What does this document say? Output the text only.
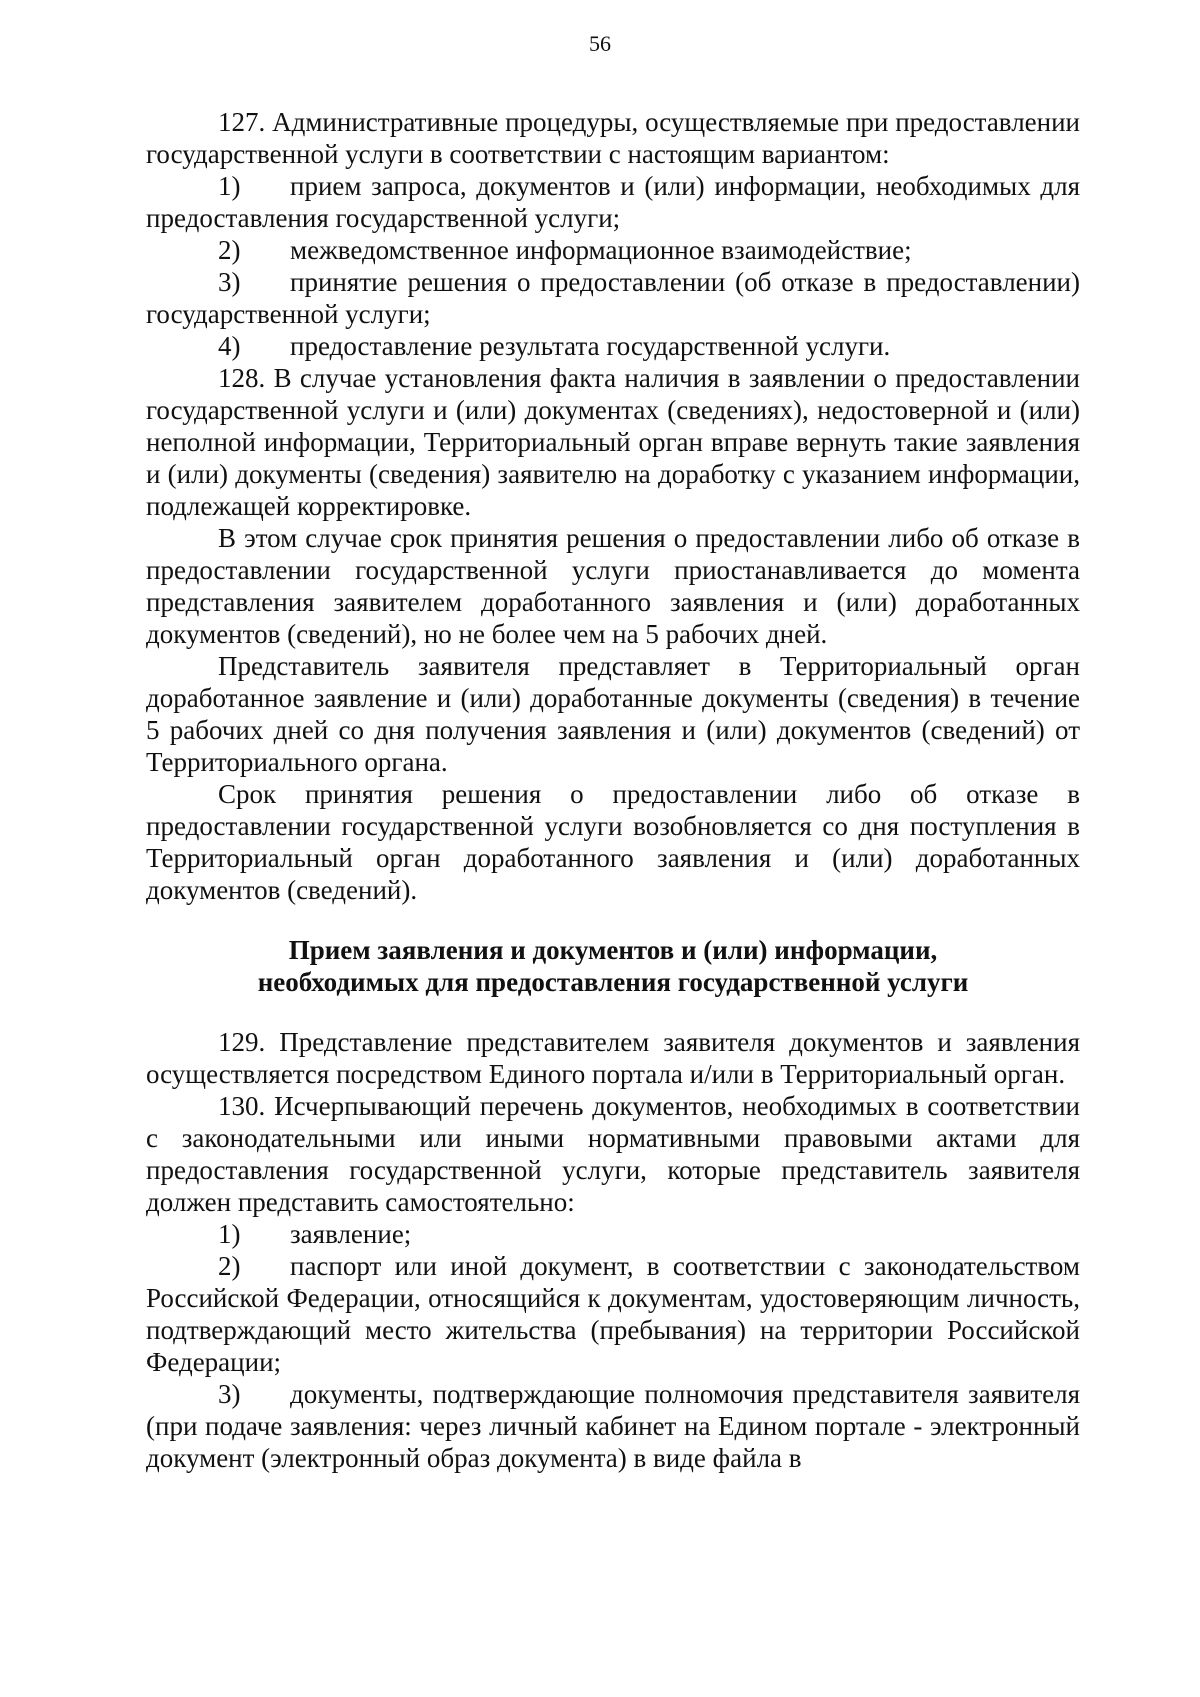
56

127. Административные процедуры, осуществляемые при предоставлении государственной услуги в соответствии с настоящим вариантом:

1) прием запроса, документов и (или) информации, необходимых для предоставления государственной услуги;

2) межведомственное информационное взаимодействие;

3) принятие решения о предоставлении (об отказе в предоставлении) государственной услуги;

4) предоставление результата государственной услуги.

128. В случае установления факта наличия в заявлении о предоставлении государственной услуги и (или) документах (сведениях), недостоверной и (или) неполной информации, Территориальный орган вправе вернуть такие заявления и (или) документы (сведения) заявителю на доработку с указанием информации, подлежащей корректировке.

В этом случае срок принятия решения о предоставлении либо об отказе в предоставлении государственной услуги приостанавливается до момента представления заявителем доработанного заявления и (или) доработанных документов (сведений), но не более чем на 5 рабочих дней.

Представитель заявителя представляет в Территориальный орган доработанное заявление и (или) доработанные документы (сведения) в течение 5 рабочих дней со дня получения заявления и (или) документов (сведений) от Территориального органа.

Срок принятия решения о предоставлении либо об отказе в предоставлении государственной услуги возобновляется со дня поступления в Территориальный орган доработанного заявления и (или) доработанных документов (сведений).

Прием заявления и документов и (или) информации,
необходимых для предоставления государственной услуги

129. Представление представителем заявителя документов и заявления осуществляется посредством Единого портала и/или в Территориальный орган.

130. Исчерпывающий перечень документов, необходимых в соответствии с законодательными или иными нормативными правовыми актами для предоставления государственной услуги, которые представитель заявителя должен представить самостоятельно:

1) заявление;

2) паспорт или иной документ, в соответствии с законодательством Российской Федерации, относящийся к документам, удостоверяющим личность, подтверждающий место жительства (пребывания) на территории Российской Федерации;

3) документы, подтверждающие полномочия представителя заявителя (при подаче заявления: через личный кабинет на Едином портале - электронный документ (электронный образ документа) в виде файла в
